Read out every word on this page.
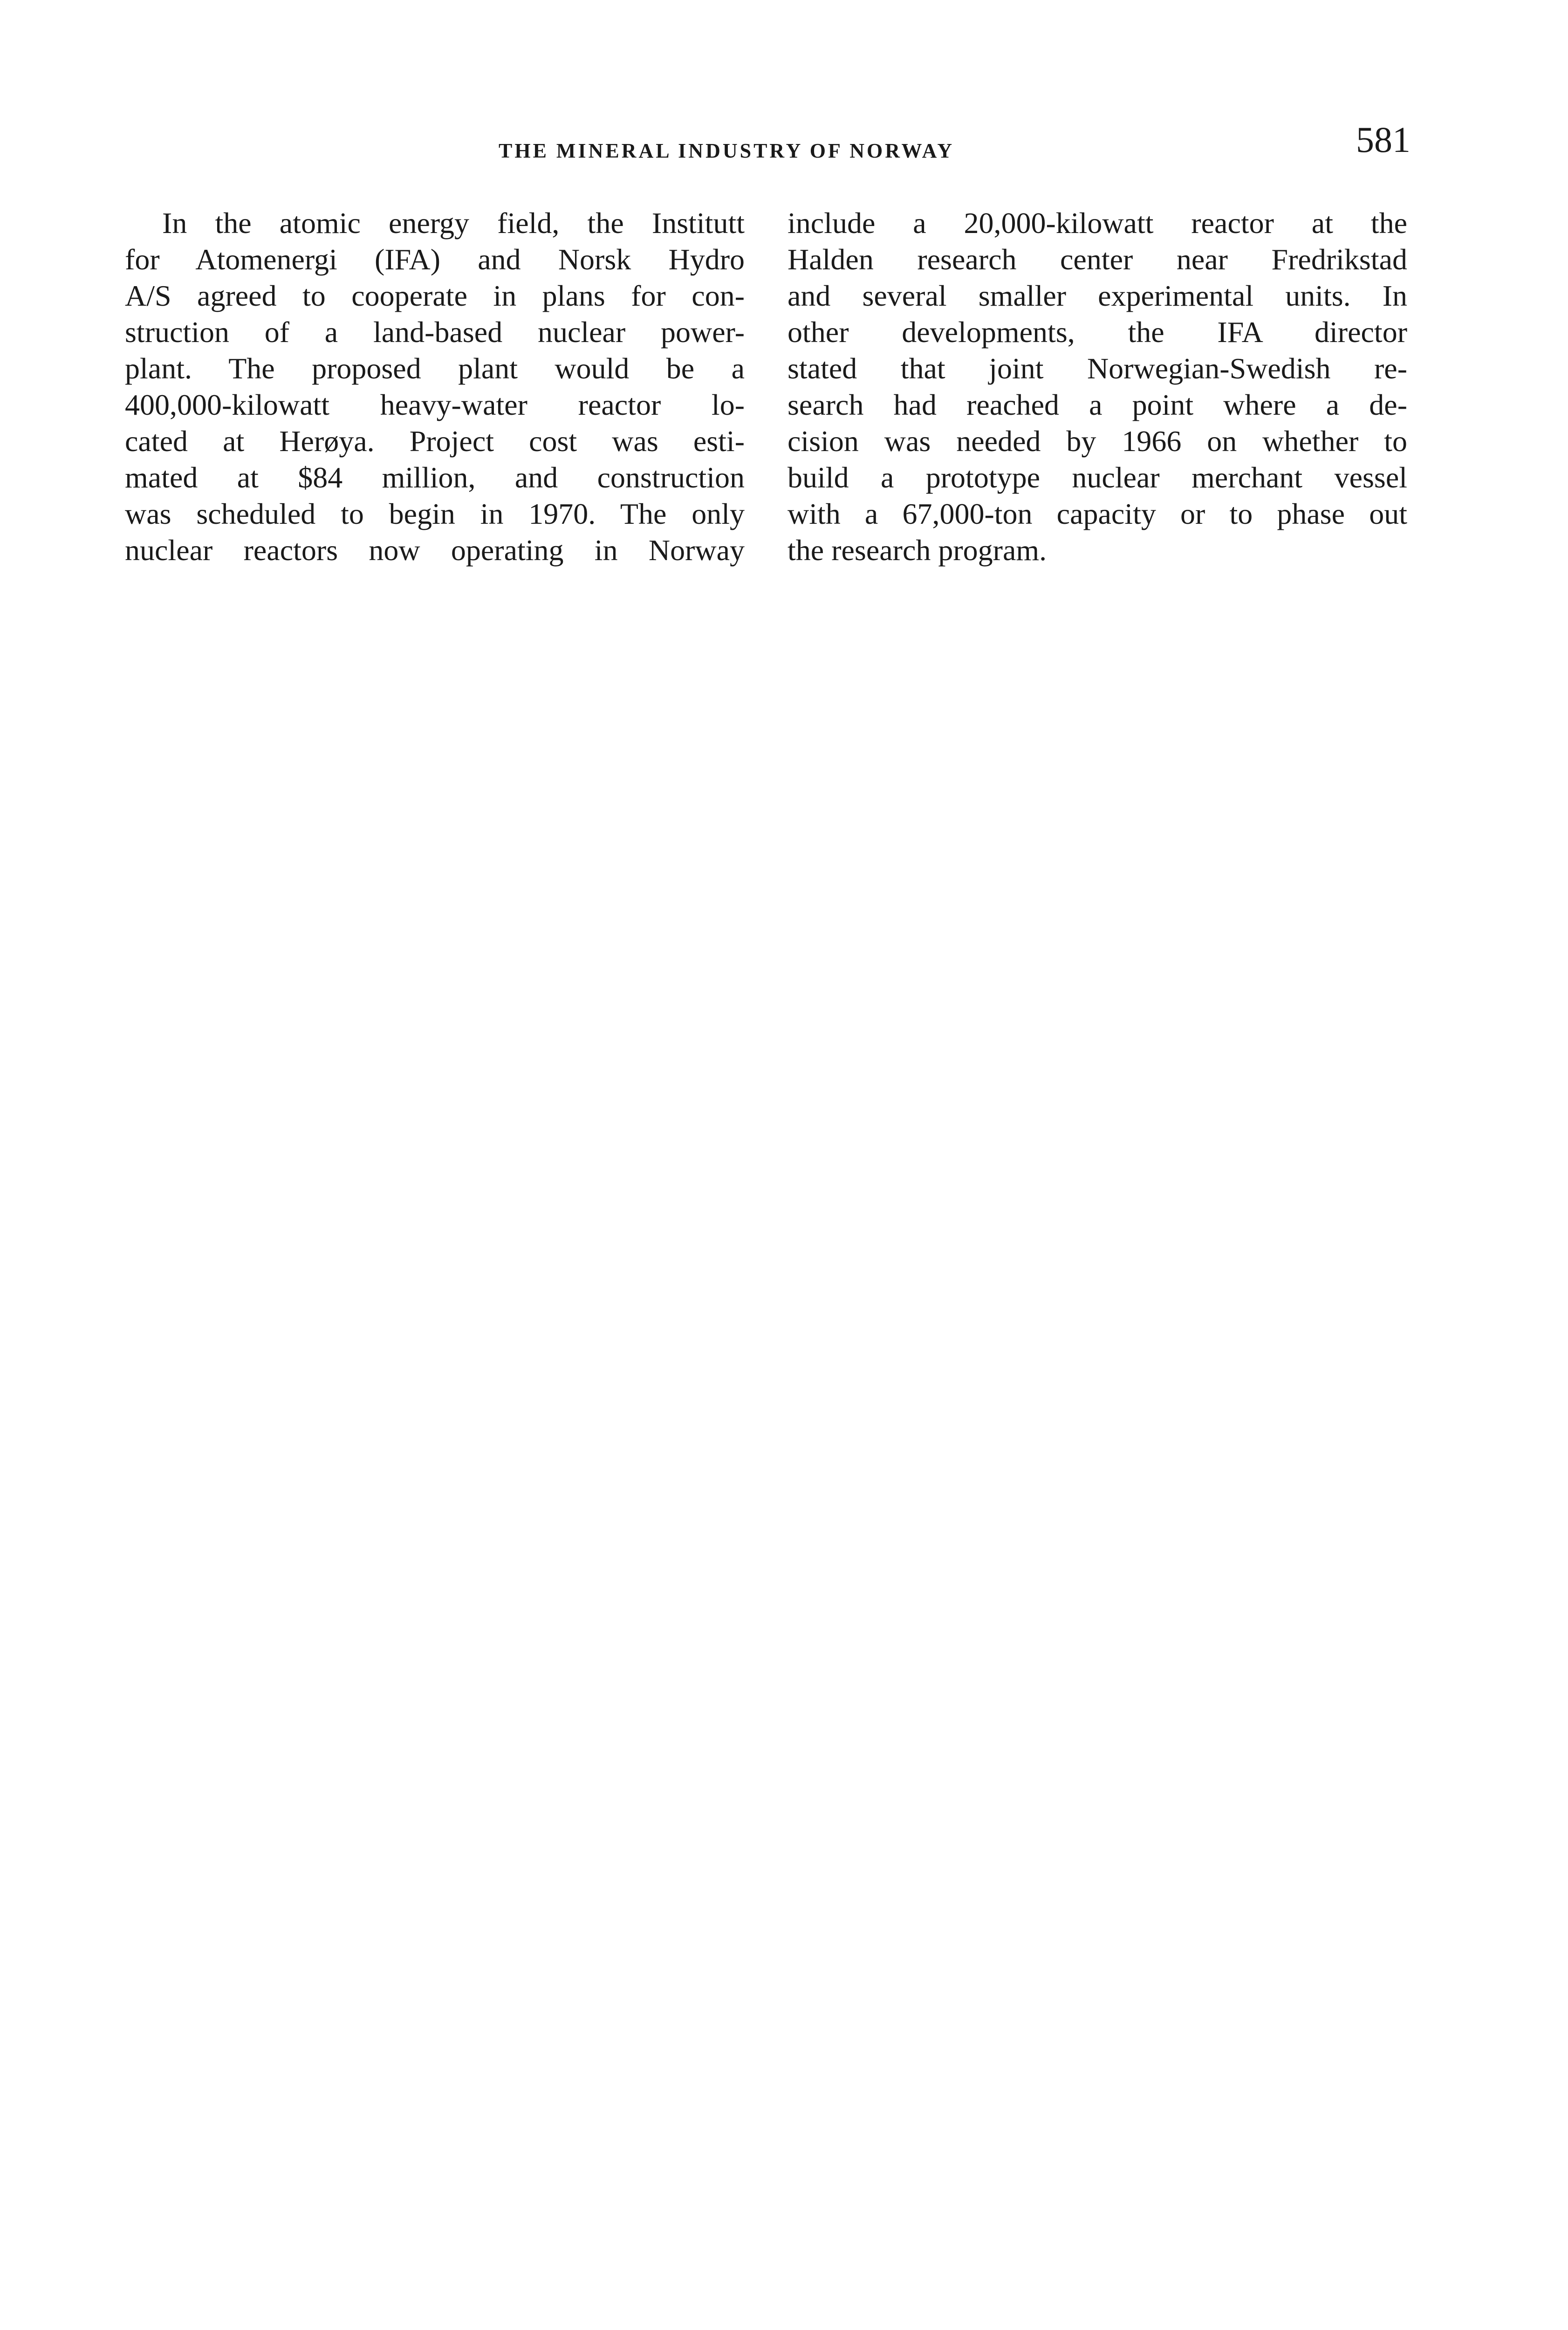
THE MINERAL INDUSTRY OF NORWAY	581
In the atomic energy field, the Institutt
for Atomenergi (IFA) and Norsk Hydro
A/S agreed to cooperate in plans for con-
struction of a land-based nuclear power-
plant. The proposed plant would be a
400,000-kilowatt heavy-water reactor lo-
cated at Herøya. Project cost was esti-
mated at $84 million, and construction
was scheduled to begin in 1970. The only
nuclear reactors now operating in Norway
include a 20,000-kilowatt reactor at the
Halden research center near Fredrikstad
and several smaller experimental units. In
other developments, the IFA director
stated that joint Norwegian-Swedish re-
search had reached a point where a de-
cision was needed by 1966 on whether to
build a prototype nuclear merchant vessel
with a 67,000-ton capacity or to phase out
the research program.
